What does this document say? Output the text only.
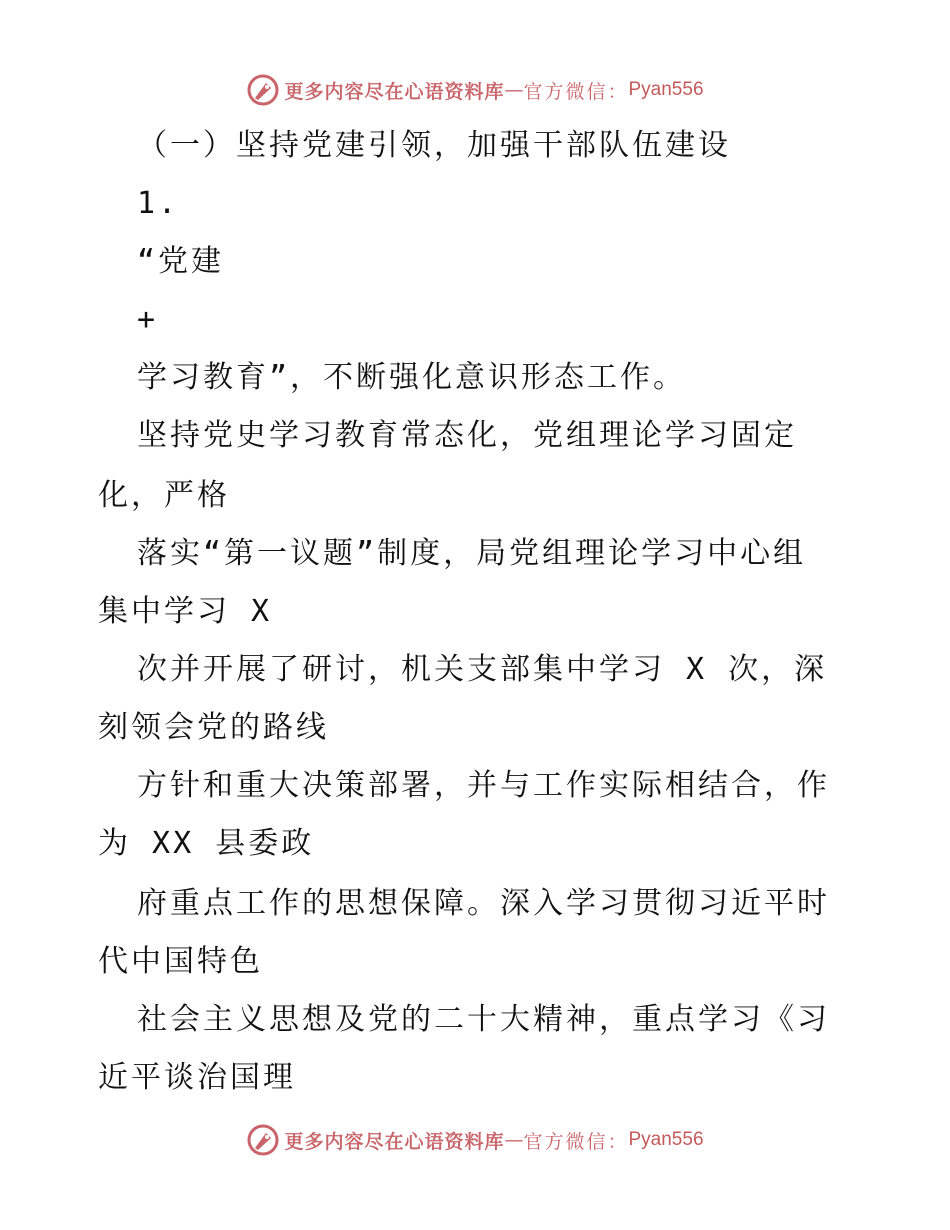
更多内容尽在心语资料库 — 官方微信： Pyan556
（一）坚持党建引领，加强干部队伍建设
1.
“党建
+
学习教育”，不断强化意识形态工作。
坚持党史学习教育常态化，党组理论学习固定
化，严格
落实“第一议题”制度，局党组理论学习中心组
集中学习 X
次并开展了研讨，机关支部集中学习 X 次，深
刻领会党的路线
方针和重大决策部署，并与工作实际相结合，作
为 XX 县委政
府重点工作的思想保障。深入学习贯彻习近平时
代中国特色
社会主义思想及党的二十大精神，重点学习《习
近平谈治国理
更多内容尽在心语资料库 — 官方微信： Pyan556
